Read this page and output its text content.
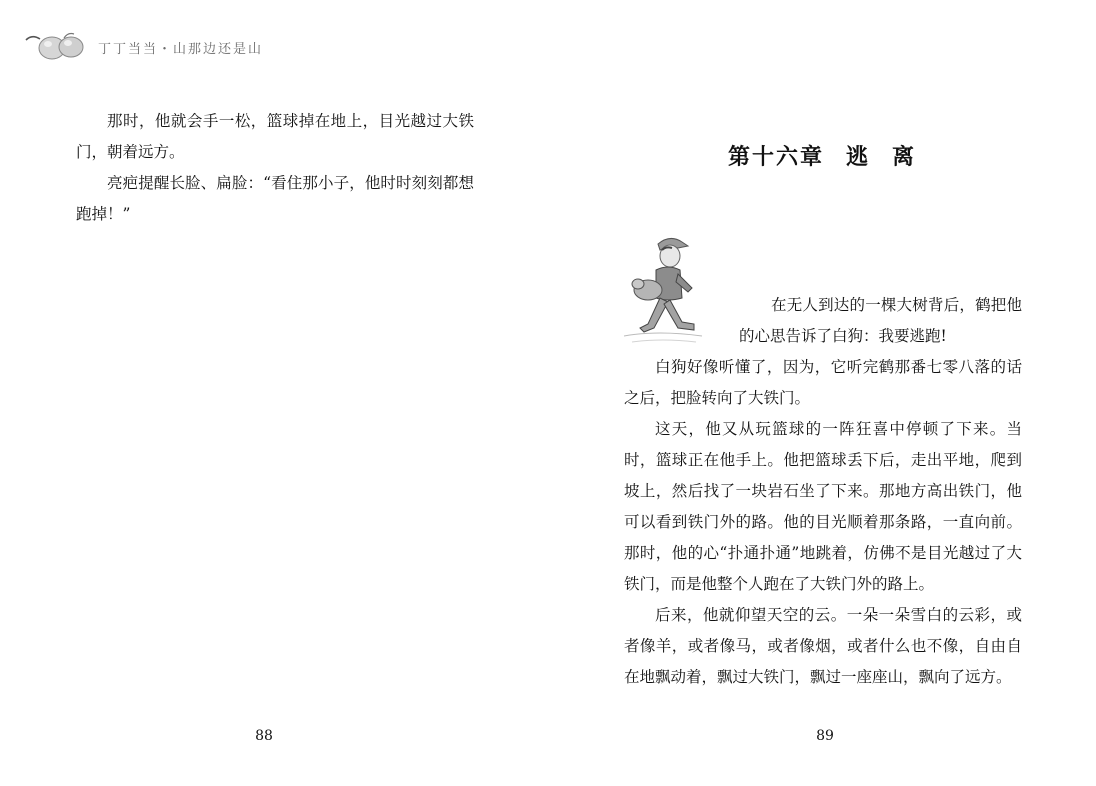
丁丁当当・山那边还是山

那时，他就会手一松，篮球掉在地上，目光越过大铁门，朝着远方。

亮疤提醒长脸、扁脸：“看住那小子，他时时刻刻都想跑掉！”

88
第十六章 逃 离

在无人到达的一棵大树背后，鹤把他的心思告诉了白狗：我要逃跑!

白狗好像听懂了，因为，它听完鹤那番七零八落的话之后，把脸转向了大铁门。

这天，他又从玩篮球的一阵狂喜中停顿了下来。当时，篮球正在他手上。他把篮球丢下后，走出平地，爬到坡上，然后找了一块岩石坐了下来。那地方高出铁门，他可以看到铁门外的路。他的目光顺着那条路，一直向前。那时，他的心“扑通扑通”地跳着，仿佛不是目光越过了大铁门，而是他整个人跑在了大铁门外的路上。

后来，他就仰望天空的云。一朵一朵雪白的云彩，或者像羊，或者像马，或者像烟，或者什么也不像，自由自在地飘动着，飘过大铁门，飘过一座座山，飘向了远方。

89
